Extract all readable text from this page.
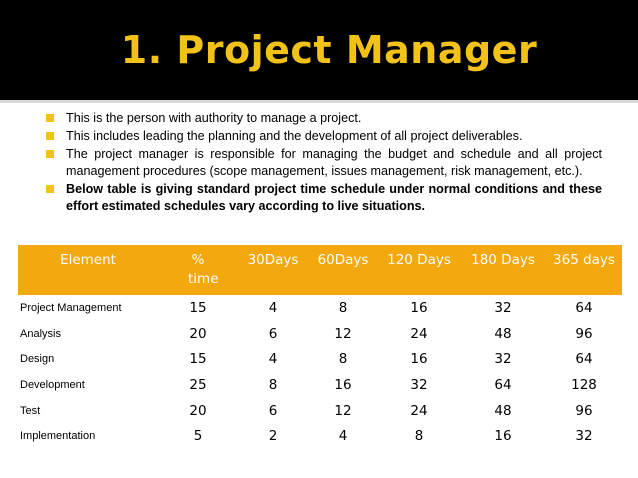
1. Project Manager
This is the person with authority to manage a project.
This includes leading the planning and the development of all project deliverables.
The project manager is responsible for managing the budget and schedule and all project management procedures (scope management, issues management, risk management, etc.).
Below table is giving standard project time schedule under normal conditions and these effort estimated schedules vary according to live situations.
Element	% time	30Days	60Days	120 Days	180 Days	365 days
Project Management	15	4	8	16	32	64
Analysis	20	6	12	24	48	96
Design	15	4	8	16	32	64
Development	25	8	16	32	64	128
Test	20	6	12	24	48	96
Implementation	5	2	4	8	16	32
